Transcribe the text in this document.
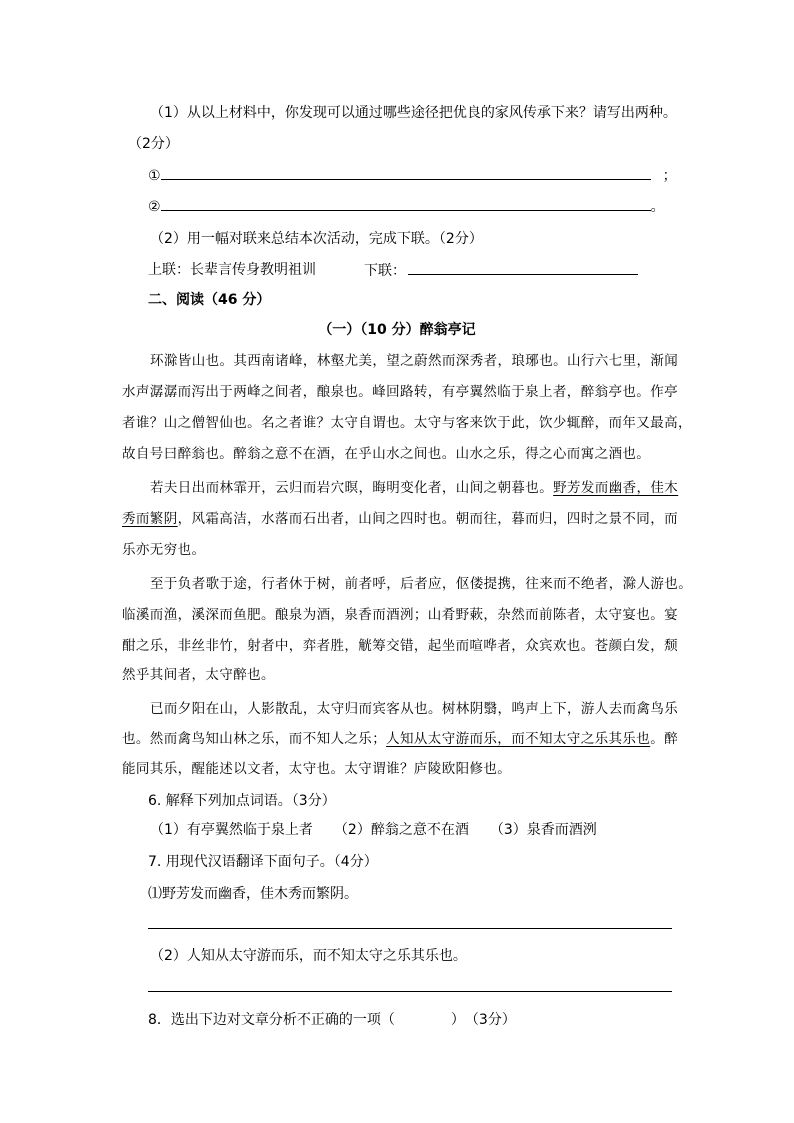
（1）从以上材料中，你发现可以通过哪些途径把优良的家风传承下来？请写出两种。
（2分）
①	；
②	。
（2）用一幅对联来总结本次活动，完成下联。（2分）
上联：长辈言传身教明祖训	下联：
二、阅读（46 分）
（一）（10 分）醉翁亭记
环滁皆山也。其西南诸峰，林壑尤美，望之蔚然而深秀者，琅琊也。山行六七里，渐闻
水声潺潺而泻出于两峰之间者，酿泉也。峰回路转，有亭翼然临于泉上者，醉翁亭也。作亭
者谁？山之僧智仙也。名之者谁？太守自谓也。太守与客来饮于此，饮少辄醉，而年又最高，
故自号曰醉翁也。醉翁之意不在酒，在乎山水之间也。山水之乐，得之心而寓之酒也。
若夫日出而林霏开，云归而岩穴暝，晦明变化者，山间之朝暮也。野芳发而幽香，佳木
秀而繁阴，风霜高洁，水落而石出者，山间之四时也。朝而往，暮而归，四时之景不同，而
乐亦无穷也。
至于负者歌于途，行者休于树，前者呼，后者应，伛偻提携，往来而不绝者，滁人游也。
临溪而渔，溪深而鱼肥。酿泉为酒，泉香而酒洌；山肴野蔌，杂然而前陈者，太守宴也。宴
酣之乐，非丝非竹，射者中，弈者胜，觥筹交错，起坐而喧哗者，众宾欢也。苍颜白发，颓
然乎其间者，太守醉也。
已而夕阳在山，人影散乱，太守归而宾客从也。树林阴翳，鸣声上下，游人去而禽鸟乐
也。然而禽鸟知山林之乐，而不知人之乐；人知从太守游而乐，而不知太守之乐其乐也。醉
能同其乐，醒能述以文者，太守也。太守谓谁？庐陵欧阳修也。
6. 解释下列加点词语。（3分）
（1）有亭翼然临于泉上者　　（2）醉翁之意不在酒　　（3）泉香而酒洌
7. 用现代汉语翻译下面句子。（4分）
⑴野芳发而幽香，佳木秀而繁阴。
（2）人知从太守游而乐，而不知太守之乐其乐也。
8．选出下边对文章分析不正确的一项（　　　　）　（3分）
